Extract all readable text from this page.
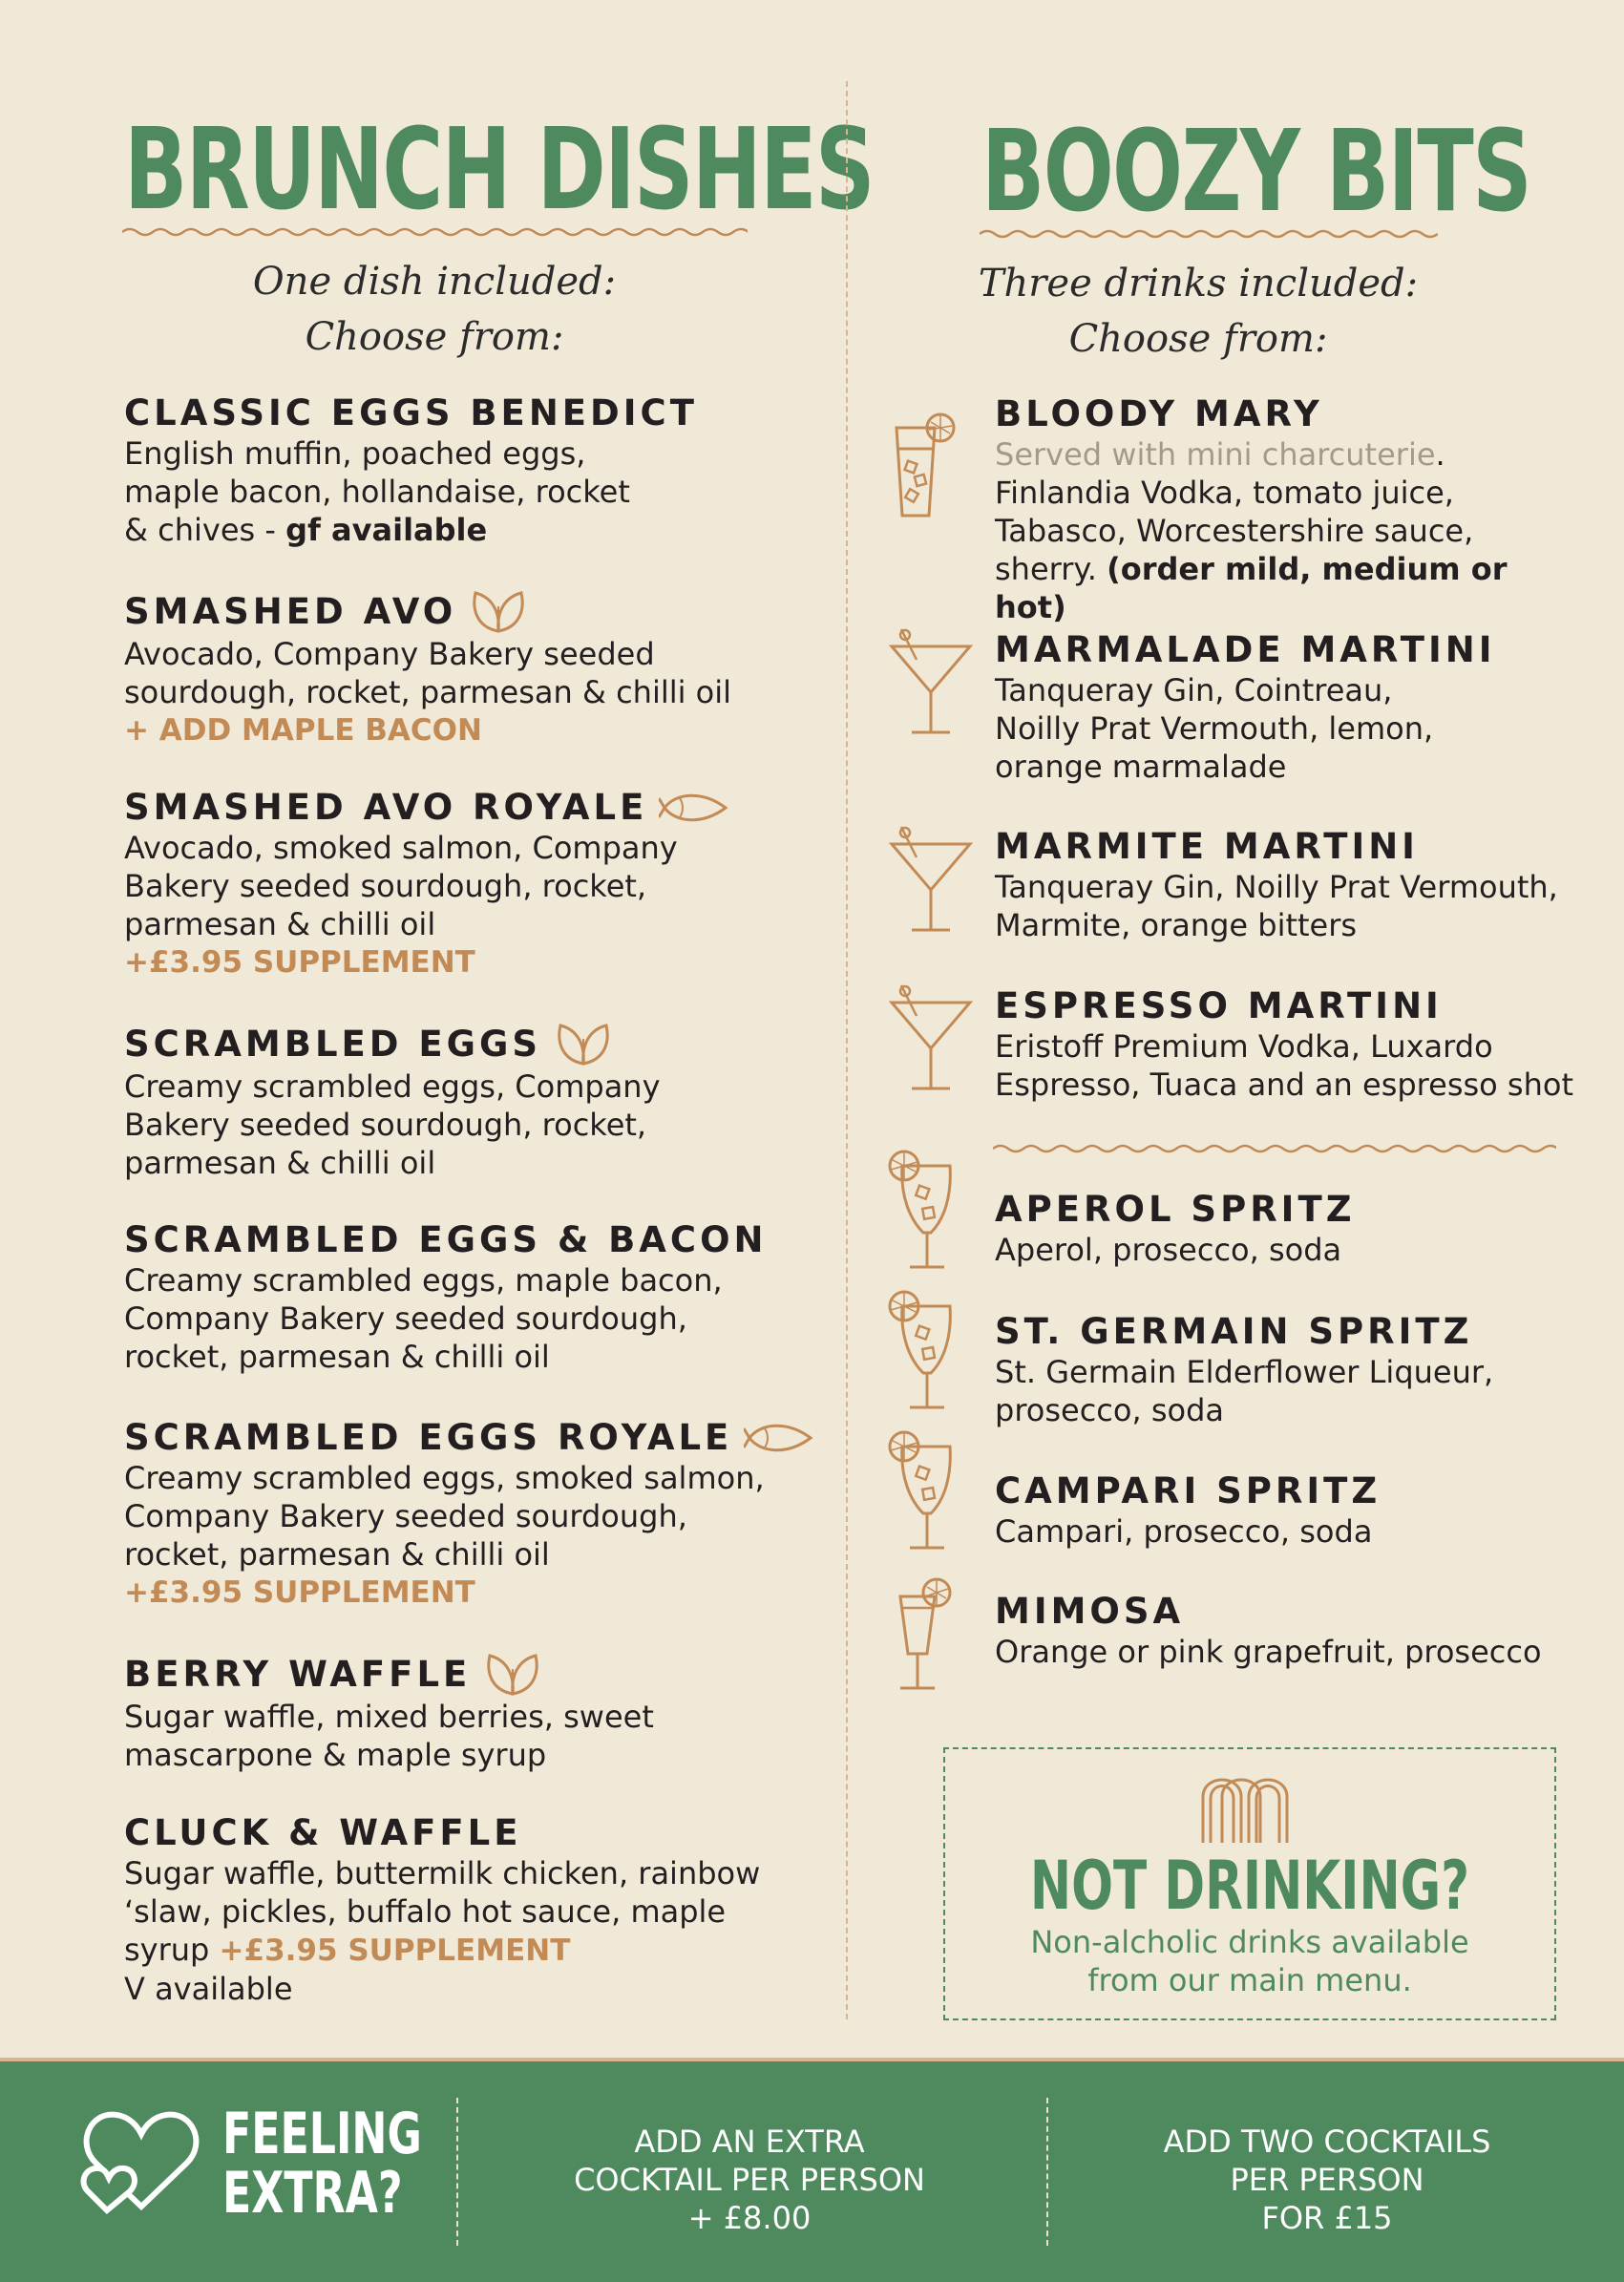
BRUNCH DISHES
One dish included:
Choose from:
CLASSIC EGGS BENEDICT
English muffin, poached eggs, maple bacon, hollandaise, rocket & chives - gf available
SMASHED AVO
Avocado, Company Bakery seeded sourdough, rocket, parmesan & chilli oil
+ ADD MAPLE BACON
SMASHED AVO ROYALE
Avocado, smoked salmon, Company Bakery seeded sourdough, rocket, parmesan & chilli oil
+£3.95 SUPPLEMENT
SCRAMBLED EGGS
Creamy scrambled eggs, Company Bakery seeded sourdough, rocket, parmesan & chilli oil
SCRAMBLED EGGS & BACON
Creamy scrambled eggs, maple bacon, Company Bakery seeded sourdough, rocket, parmesan & chilli oil
SCRAMBLED EGGS ROYALE
Creamy scrambled eggs, smoked salmon, Company Bakery seeded sourdough, rocket, parmesan & chilli oil
+£3.95 SUPPLEMENT
BERRY WAFFLE
Sugar waffle, mixed berries, sweet mascarpone & maple syrup
CLUCK & WAFFLE
Sugar waffle, buttermilk chicken, rainbow ‘slaw, pickles, buffalo hot sauce, maple syrup +£3.95 SUPPLEMENT
V available
BOOZY BITS
Three drinks included:
Choose from:
BLOODY MARY
Served with mini charcuterie.
Finlandia Vodka, tomato juice, Tabasco, Worcestershire sauce, sherry. (order mild, medium or hot)
MARMALADE MARTINI
Tanqueray Gin, Cointreau, Noilly Prat Vermouth, lemon, orange marmalade
MARMITE MARTINI
Tanqueray Gin, Noilly Prat Vermouth, Marmite, orange bitters
ESPRESSO MARTINI
Eristoff Premium Vodka, Luxardo Espresso, Tuaca and an espresso shot
APEROL SPRITZ
Aperol, prosecco, soda
ST. GERMAIN SPRITZ
St. Germain Elderflower Liqueur, prosecco, soda
CAMPARI SPRITZ
Campari, prosecco, soda
MIMOSA
Orange or pink grapefruit, prosecco
NOT DRINKING?
Non-alcholic drinks available
from our main menu.
FEELING
EXTRA?
ADD AN EXTRA
COCKTAIL PER PERSON
+ £8.00
ADD TWO COCKTAILS
PER PERSON
FOR £15
